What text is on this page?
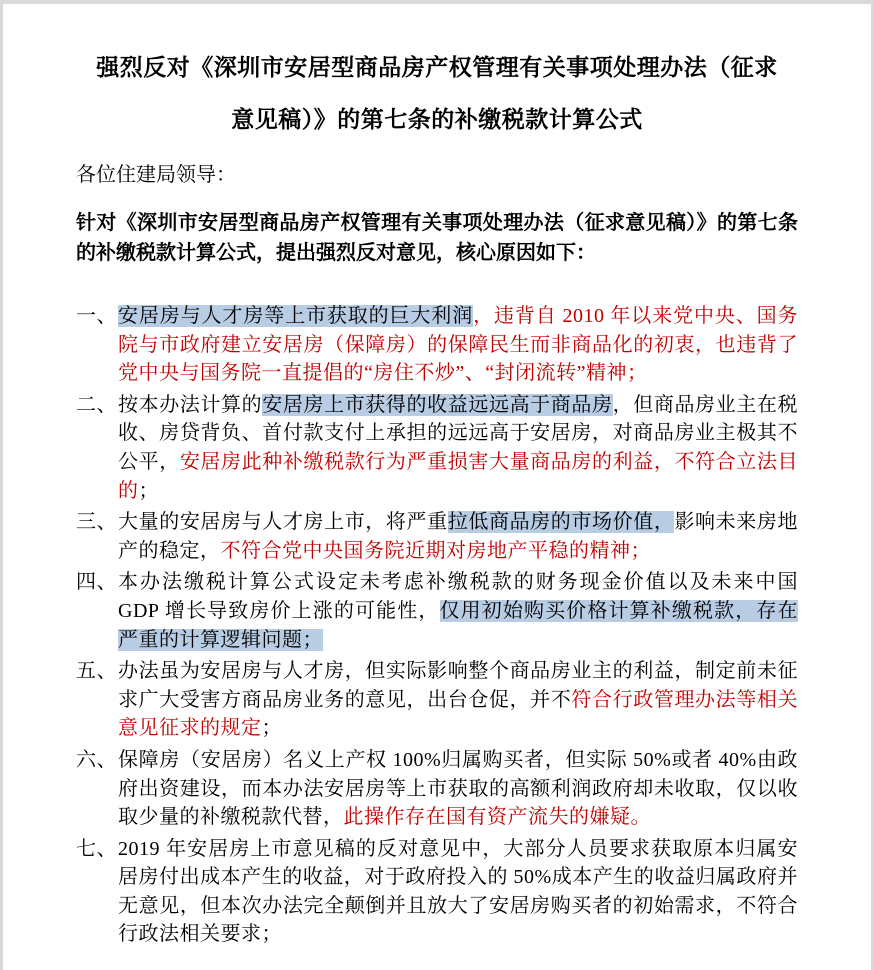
强烈反对《深圳市安居型商品房产权管理有关事项处理办法（征求
意见稿）》的第七条的补缴税款计算公式

各位住建局领导：

针对《深圳市安居型商品房产权管理有关事项处理办法（征求意见稿）》的第七条的补缴税款计算公式，提出强烈反对意见，核心原因如下：

一、 安居房与人才房等上市获取的巨大利润，违背自 2010 年以来党中央、国务院与市政府建立安居房（保障房）的保障民生而非商品化的初衷，也违背了党中央与国务院一直提倡的“房住不炒”、“封闭流转”精神；
二、 按本办法计算的安居房上市获得的收益远远高于商品房，但商品房业主在税收、房贷背负、首付款支付上承担的远远高于安居房，对商品房业主极其不公平，安居房此种补缴税款行为严重损害大量商品房的利益，不符合立法目的；
三、 大量的安居房与人才房上市，将严重拉低商品房的市场价值，影响未来房地产的稳定，不符合党中央国务院近期对房地产平稳的精神；
四、 本办法缴税计算公式设定未考虑补缴税款的财务现金价值以及未来中国 GDP 增长导致房价上涨的可能性，仅用初始购买价格计算补缴税款，存在严重的计算逻辑问题；
五、 办法虽为安居房与人才房，但实际影响整个商品房业主的利益，制定前未征求广大受害方商品房业务的意见，出台仓促，并不符合行政管理办法等相关意见征求的规定；
六、 保障房（安居房）名义上产权 100%归属购买者，但实际 50%或者 40%由政府出资建设，而本办法安居房等上市获取的高额利润政府却未收取，仅以收取少量的补缴税款代替，此操作存在国有资产流失的嫌疑。
七、 2019 年安居房上市意见稿的反对意见中，大部分人员要求获取原本归属安居房付出成本产生的收益，对于政府投入的 50%成本产生的收益归属政府并无意见，但本次办法完全颠倒并且放大了安居房购买者的初始需求，不符合行政法相关要求；
